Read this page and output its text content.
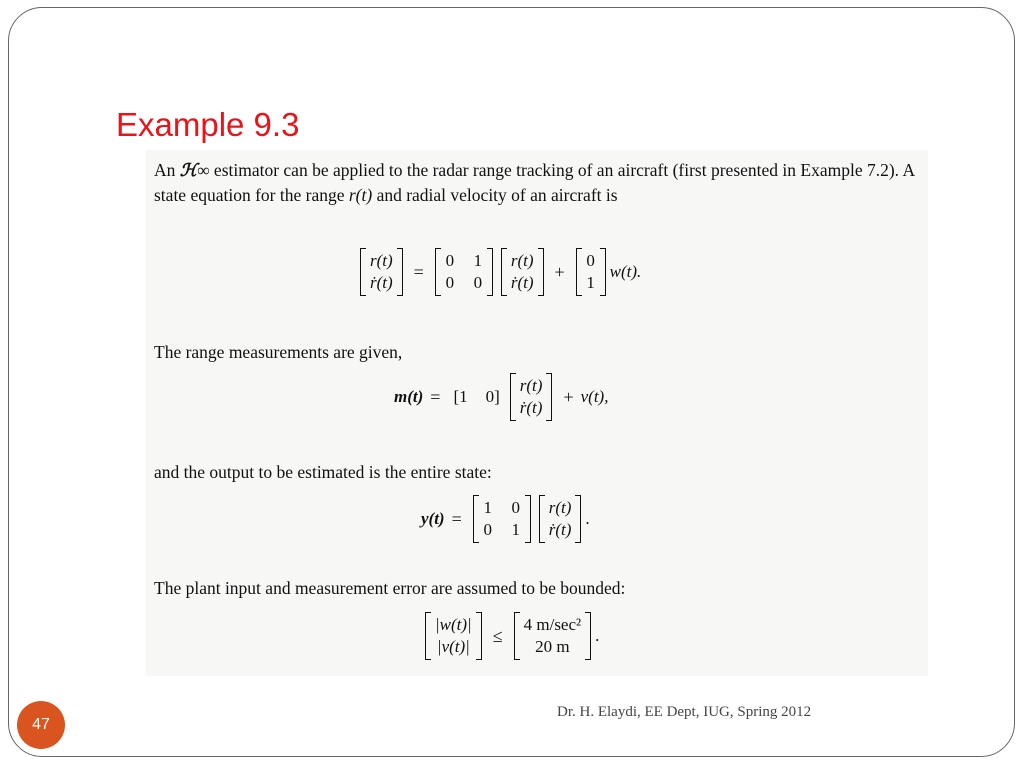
Example 9.3
An ℋ∞ estimator can be applied to the radar range tracking of an aircraft (first presented in Example 7.2). A state equation for the range r(t) and radial velocity of an aircraft is
r(t)
ṙ(t)
=
0 1
0 0
r(t)
ṙ(t)
+
0
1
w(t).
The range measurements are given,
m(t) = [1 0]
r(t)
ṙ(t)
+ v(t),
and the output to be estimated is the entire state:
y(t) =
1 0
0 1
r(t)
ṙ(t)
.
The plant input and measurement error are assumed to be bounded:
|w(t)|
|v(t)|
≤
4 m/sec²
20 m
.
47
Dr. H. Elaydi, EE Dept, IUG, Spring 2012
